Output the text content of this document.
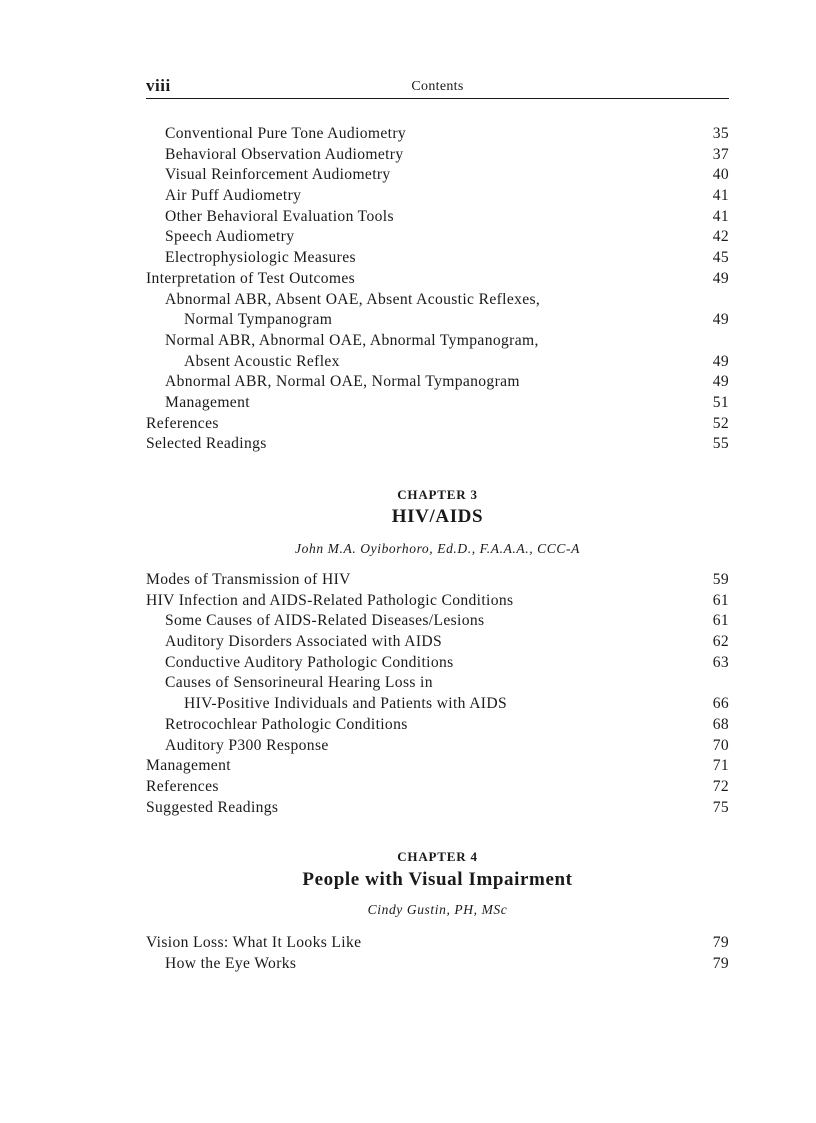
viii	Contents
Conventional Pure Tone Audiometry	35
Behavioral Observation Audiometry	37
Visual Reinforcement Audiometry	40
Air Puff Audiometry	41
Other Behavioral Evaluation Tools	41
Speech Audiometry	42
Electrophysiologic Measures	45
Interpretation of Test Outcomes	49
Abnormal ABR, Absent OAE, Absent Acoustic Reflexes,
Normal Tympanogram	49
Normal ABR, Abnormal OAE, Abnormal Tympanogram,
Absent Acoustic Reflex	49
Abnormal ABR, Normal OAE, Normal Tympanogram	49
Management	51
References	52
Selected Readings	55
CHAPTER 3
HIV/AIDS
John M.A. Oyiborhoro, Ed.D., F.A.A.A., CCC-A
Modes of Transmission of HIV	59
HIV Infection and AIDS-Related Pathologic Conditions	61
Some Causes of AIDS-Related Diseases/Lesions	61
Auditory Disorders Associated with AIDS	62
Conductive Auditory Pathologic Conditions	63
Causes of Sensorineural Hearing Loss in
HIV-Positive Individuals and Patients with AIDS	66
Retrocochlear Pathologic Conditions	68
Auditory P300 Response	70
Management	71
References	72
Suggested Readings	75
CHAPTER 4
People with Visual Impairment
Cindy Gustin, PH, MSc
Vision Loss: What It Looks Like	79
How the Eye Works	79
